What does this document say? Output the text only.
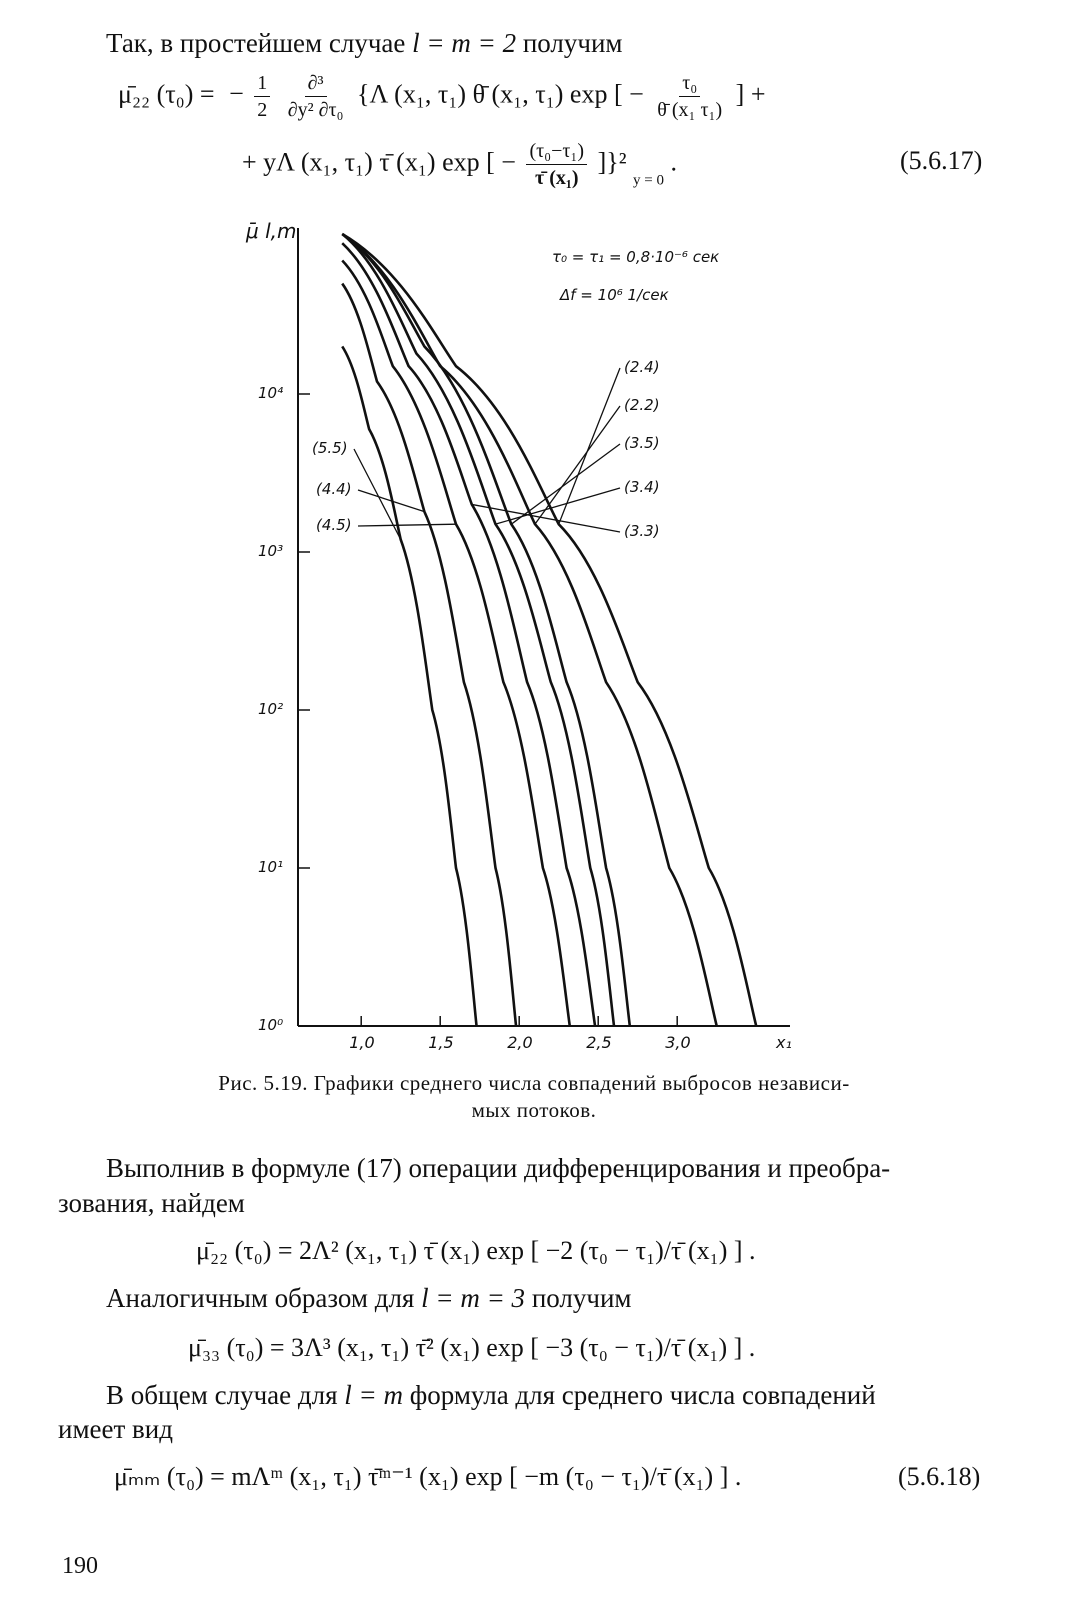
Так, в простейшем случае l = m = 2 получим
μ̄₂₂ (τ₀) = − $\frac{1}{2}$
$\frac{\text{∂³}}{\text{∂y² ∂τ₀}} \{\Lambda$ (x₁, τ₁) θ̄ (x₁, τ₁) exp [ − $\frac{\text{τ₀}}{\text{θ̄ (x₁ τ₁)}}$ ] +
+ yΛ (x₁, τ₁) τ̄ (x₁) exp [ − $\frac{\text{(τ₀−τ₁)}}{\text{τ̄ (x₁)}} ]\}^2$ $_{y = 0}$ .	(5.6.17)
1,0	1,5	2,0	2,5	3,0
10⁰
10¹
10²
10³
10⁴
(5.5)
(4.4)
(4.5)	(3.3)
(3.4)
(3.5)
(2.2)
(2.4)
μ̄ l,m
x₁
τ₀ = τ₁ = 0,8·10⁻⁶ сек
Δf = 10⁶ 1/сек
Рис. 5.19. Графики среднего числа совпадений выбросов независи-
мых потоков.
Выполнив в формуле (17) операции дифференцирования и преобра-
зования, найдем
μ̄₂₂ (τ₀) = 2Λ² (x₁, τ₁) τ̄ (x₁) exp [ −2 (τ₀ − τ₁)/τ̄ (x₁) ] .
Аналогичным образом для l = m = 3 получим
μ̄₃₃ (τ₀) = 3Λ³ (x₁, τ₁) τ̄² (x₁) exp [ −3 (τ₀ − τ₁)/τ̄ (x₁) ] .
В общем случае для l = m формула для среднего числа совпадений
имеет вид
μ̄ₘₘ (τ₀) = mΛᵐ (x₁, τ₁) τ̄ᵐ⁻¹ (x₁) exp [ −m (τ₀ − τ₁)/τ̄ (x₁) ] .	(5.6.18)
190
